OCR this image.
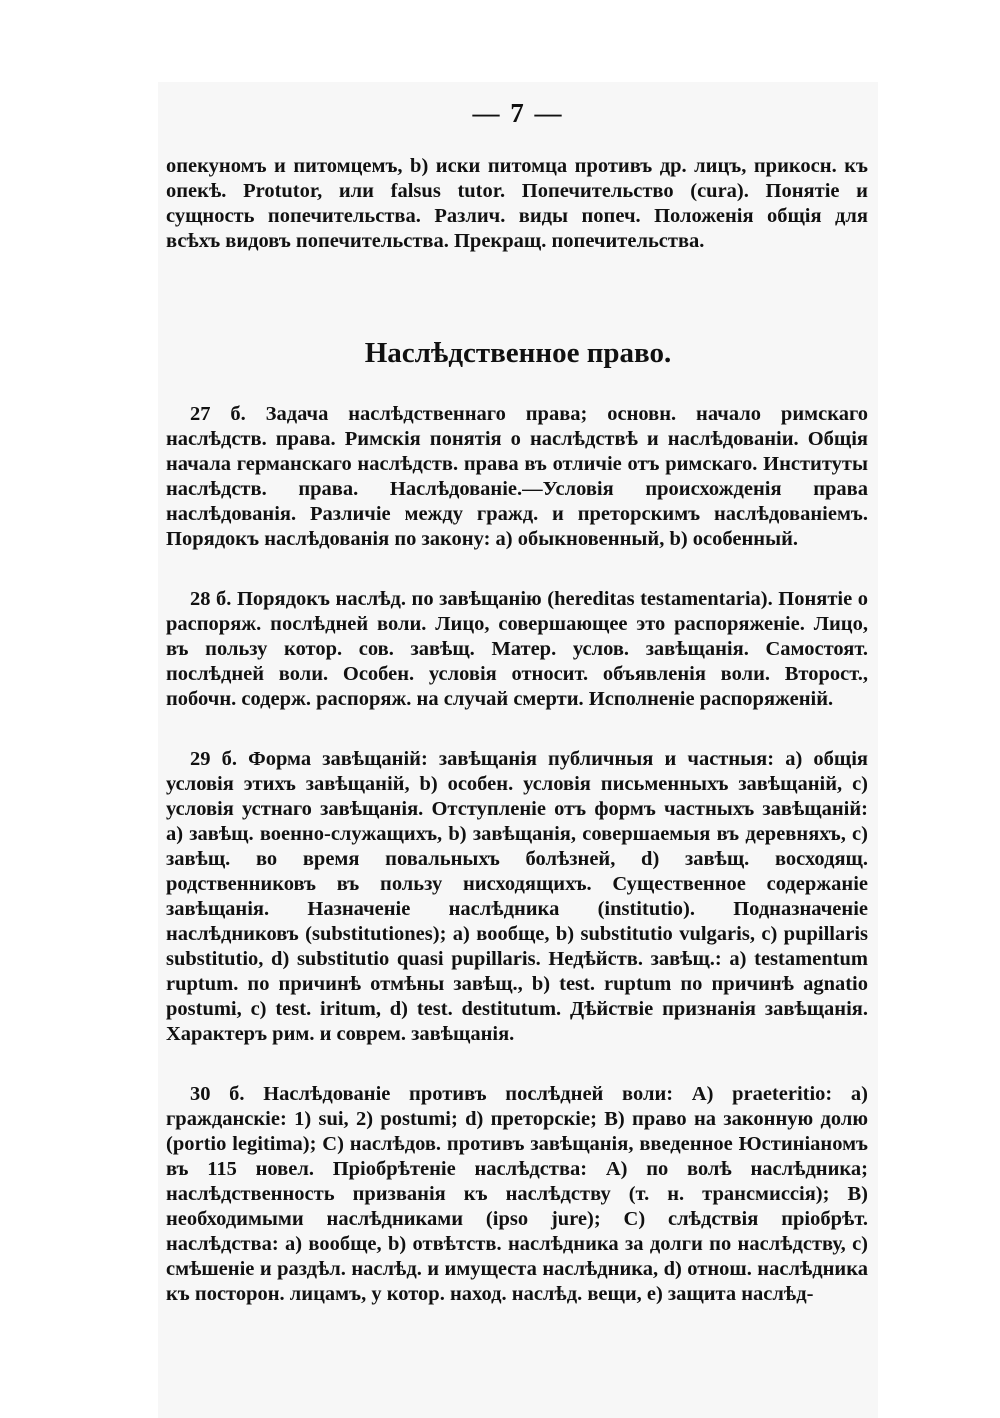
— 7 —

опекуномъ и питомцемъ, b) иски питомца противъ др. лицъ, прикосн. къ опекѣ. Protutor, или falsus tutor. Попечительство (cura). Понятіе и сущность попечительства. Различ. виды попеч. Положенія общія для всѣхъ видовъ попечительства. Прекращ. попечительства.

Наслѣдственное право.

27 б. Задача наслѣдственнаго права; основн. начало римскаго наслѣдств. права. Римскія понятія о наслѣдствѣ и наслѣдованіи. Общія начала германскаго наслѣдств. права въ отличіе отъ римскаго. Институты наслѣдств. права. Наслѣдованіе.—Условія происхожденія права наслѣдованія. Различіе между гражд. и преторскимъ наслѣдованіемъ. Порядокъ наслѣдованія по закону: а) обыкновенный, b) особенный.

28 б. Порядокъ наслѣд. по завѣщанію (hereditas testamentaria). Понятіе о распоряж. послѣдней воли. Лицо, совершающее это распоряженіе. Лицо, въ пользу котор. сов. завѣщ. Матер. услов. завѣщанія. Самостоят. послѣдней воли. Особен. условія относит. объявленія воли. Второст., побочн. содерж. распоряж. на случай смерти. Исполненіе распоряженій.

29 б. Форма завѣщаній: завѣщанія публичныя и частныя: а) общія условія этихъ завѣщаній, b) особен. условія письменныхъ завѣщаній, с) условія устнаго завѣщанія. Отступленіе отъ формъ частныхъ завѣщаній: а) завѣщ. военно-служащихъ, b) завѣщанія, совершаемыя въ деревняхъ, с) завѣщ. во время повальныхъ болѣзней, d) завѣщ. восходящ. родственниковъ въ пользу нисходящихъ. Существенное содержаніе завѣщанія. Назначеніе наслѣдника (institutio). Подназначеніе наслѣдниковъ (substitutiones); а) вообще, b) substitutio vulgaris, c) pupillaris substitutio, d) substitutio quasi pupillaris. Недѣйств. завѣщ.: а) testamentum ruptum. по причинѣ отмѣны завѣщ., b) test. ruptum по причинѣ agnatio postumi, c) test. iritum, d) test. destitutum. Дѣйствіе признанія завѣщанія. Характеръ рим. и соврем. завѣщанія.

30 б. Наслѣдованіе противъ послѣдней воли: А) praeteritio: а) гражданскіе: 1) sui, 2) postumi; d) преторскіе; В) право на законную долю (portio legitima); С) наслѣдов. противъ завѣщанія, введенное Юстиніаномъ въ 115 новел. Пріобрѣтеніе наслѣдства: А) по волѣ наслѣдника; наслѣдственность призванія къ наслѣдству (т. н. трансмиссія); В) необходимыми наслѣдниками (ipso jure); С) слѣдствія пріобрѣт. наслѣдства: а) вообще, b) отвѣтств. наслѣдника за долги по наслѣдству, с) смѣшеніе и раздѣл. наслѣд. и имущеста наслѣдника, d) отнош. наслѣдника къ посторон. лицамъ, у котор. наход. наслѣд. вещи, е) защита наслѣд-
